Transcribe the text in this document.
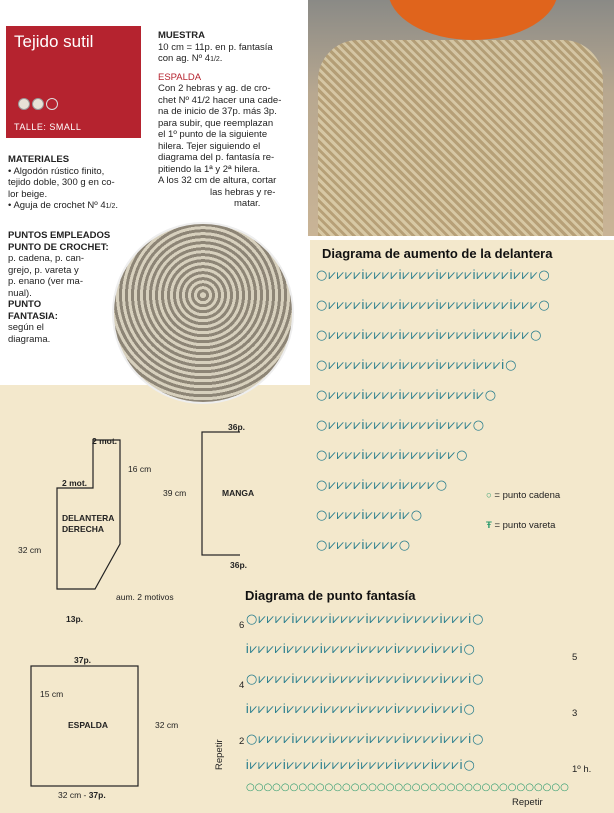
Tejido sutil
TALLE: SMALL
MATERIALES
• Algodón rústico finito,
tejido doble, 300 g en co-
lor beige.
• Aguja de crochet Nº 41/2.
PUNTOS EMPLEADOS
PUNTO DE CROCHET:
p. cadena, p. can-
grejo, p. vareta y
p. enano (ver ma-
nual).
PUNTO
FANTASIA:
según el
diagrama.
MUESTRA
10 cm = 11p. en p. fantasía
con ag. Nº 41/2.
ESPALDA
Con 2 hebras y ag. de cro-
chet Nº 41/2 hacer una cade-
na de inicio de 37p. más 3p.
para subir, que reemplazan
el 1º punto de la siguiente
hilera. Tejer siguiendo el
diagrama del p. fantasía re-
pitiendo la 1ª y 2ª hilera.
A los 32 cm de altura, cortar
las hebras y re-
matar.
Diagrama de aumento de la delantera
○⩗⩗⩗⩗Ꭵ⩗⩗⩗⩗Ꭵ⩗⩗⩗⩗Ꭵ⩗⩗⩗⩗Ꭵ⩗⩗⩗⩗Ꭵ⩗⩗⩗○
○⩗⩗⩗⩗Ꭵ⩗⩗⩗⩗Ꭵ⩗⩗⩗⩗Ꭵ⩗⩗⩗⩗Ꭵ⩗⩗⩗⩗Ꭵ⩗⩗⩗○
○⩗⩗⩗⩗Ꭵ⩗⩗⩗⩗Ꭵ⩗⩗⩗⩗Ꭵ⩗⩗⩗⩗Ꭵ⩗⩗⩗⩗Ꭵ⩗⩗○
○⩗⩗⩗⩗Ꭵ⩗⩗⩗⩗Ꭵ⩗⩗⩗⩗Ꭵ⩗⩗⩗⩗Ꭵ⩗⩗⩗Ꭵ○
○⩗⩗⩗⩗Ꭵ⩗⩗⩗⩗Ꭵ⩗⩗⩗⩗Ꭵ⩗⩗⩗⩗Ꭵ⩗○
○⩗⩗⩗⩗Ꭵ⩗⩗⩗⩗Ꭵ⩗⩗⩗⩗Ꭵ⩗⩗⩗⩗○
○⩗⩗⩗⩗Ꭵ⩗⩗⩗⩗Ꭵ⩗⩗⩗⩗Ꭵ⩗⩗○
○⩗⩗⩗⩗Ꭵ⩗⩗⩗⩗Ꭵ⩗⩗⩗⩗○
○⩗⩗⩗⩗Ꭵ⩗⩗⩗⩗Ꭵ⩗○
○⩗⩗⩗⩗Ꭵ⩗⩗⩗⩗○
○ = punto cadena
Ŧ = punto vareta
Diagrama de punto fantasía
○⩗⩗⩗⩗Ꭵ⩗⩗⩗⩗Ꭵ⩗⩗⩗⩗Ꭵ⩗⩗⩗⩗Ꭵ⩗⩗⩗⩗Ꭵ⩗⩗⩗Ꭵ○
Ꭵ⩗⩗⩗⩗Ꭵ⩗⩗⩗⩗Ꭵ⩗⩗⩗⩗Ꭵ⩗⩗⩗⩗Ꭵ⩗⩗⩗⩗Ꭵ⩗⩗⩗Ꭵ○
○⩗⩗⩗⩗Ꭵ⩗⩗⩗⩗Ꭵ⩗⩗⩗⩗Ꭵ⩗⩗⩗⩗Ꭵ⩗⩗⩗⩗Ꭵ⩗⩗⩗Ꭵ○
Ꭵ⩗⩗⩗⩗Ꭵ⩗⩗⩗⩗Ꭵ⩗⩗⩗⩗Ꭵ⩗⩗⩗⩗Ꭵ⩗⩗⩗⩗Ꭵ⩗⩗⩗Ꭵ○
○⩗⩗⩗⩗Ꭵ⩗⩗⩗⩗Ꭵ⩗⩗⩗⩗Ꭵ⩗⩗⩗⩗Ꭵ⩗⩗⩗⩗Ꭵ⩗⩗⩗Ꭵ○
Ꭵ⩗⩗⩗⩗Ꭵ⩗⩗⩗⩗Ꭵ⩗⩗⩗⩗Ꭵ⩗⩗⩗⩗Ꭵ⩗⩗⩗⩗Ꭵ⩗⩗⩗Ꭵ○
○○○○○○○○○○○○○○○○○○○○○○○○○○○○○○○○○○○○○
6
5
4
3
2
1º h.
Repetir
Repetir
2 mot.
16 cm
2 mot.
DELANTERA
DERECHA
32 cm
aum. 2 motivos
13p.
36p.
39 cm	MANGA
36p.
37p.
15 cm
ESPALDA	32 cm
32 cm - 37p.
